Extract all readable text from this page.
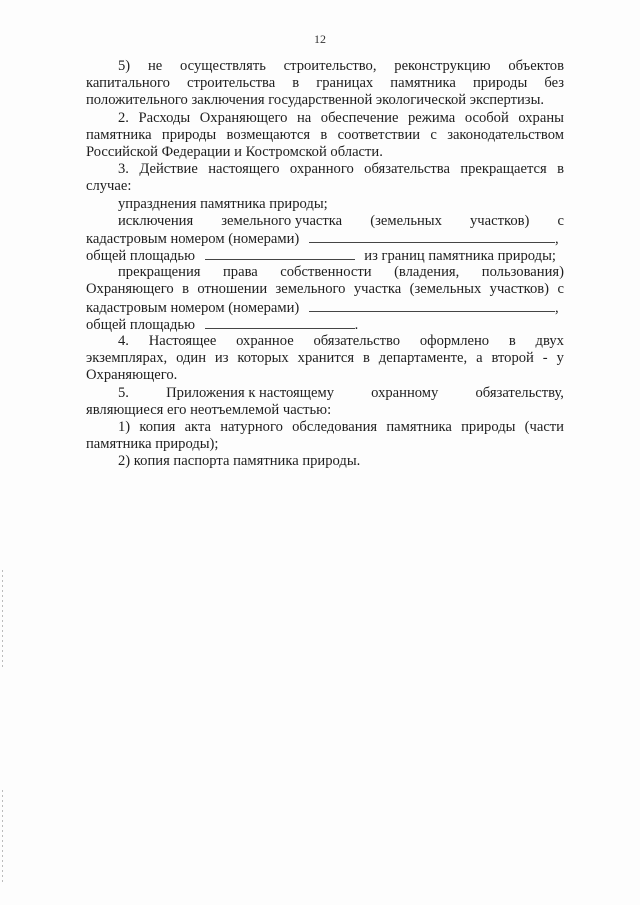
12
5) не осуществлять строительство, реконструкцию объектов
капитального строительства в границах памятника природы без
положительного заключения государственной экологической экспертизы.
2. Расходы Охраняющего на обеспечение режима особой охраны
памятника природы возмещаются в соответствии с законодательством
Российской Федерации и Костромской области.
3. Действие настоящего охранного обязательства прекращается в
случае:
упразднения памятника природы;
исключения земельного участка (земельных участков) с
кадастровым номером (номерами)	,
общей площадью	из границ памятника природы;
прекращения права собственности (владения, пользования)
Охраняющего в отношении земельного участка (земельных участков) с
кадастровым номером (номерами)	,
общей площадью	.
4. Настоящее охранное обязательство оформлено в двух
экземплярах, один из которых хранится в департаменте, а второй - у
Охраняющего.
5.	Приложения к настоящему	охранному	обязательству,
являющиеся его неотъемлемой частью:
1) копия акта натурного обследования памятника природы (части
памятника природы);
2) копия паспорта памятника природы.
